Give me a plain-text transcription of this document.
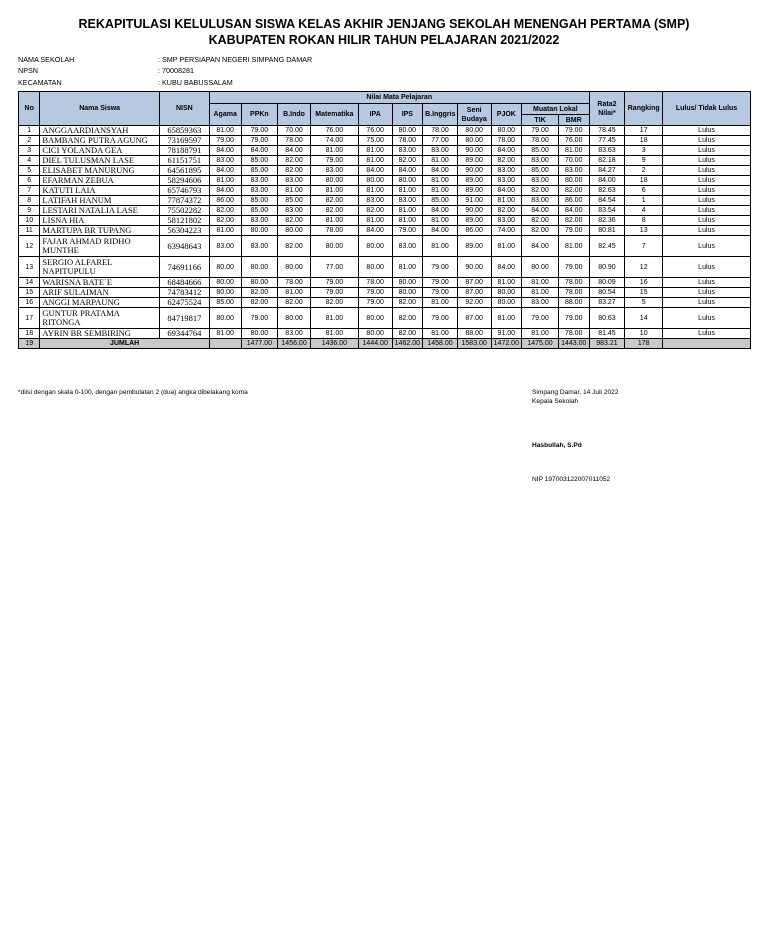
REKAPITULASI KELULUSAN SISWA KELAS AKHIR JENJANG SEKOLAH MENENGAH PERTAMA (SMP)
KABUPATEN ROKAN HILIR TAHUN PELAJARAN 2021/2022
NAMA SEKOLAH	: SMP PERSIAPAN NEGERI SIMPANG DAMAR
NPSN	: 70008281
KECAMATAN	: KUBU BABUSSALAM
No	Nama Siswa	NISN	Nilai Mata Pelajaran											Rata2 Nilai*	Rangking	Lulus/ Tidak Lulus
			Agama	PPKn	B.Indo	Matematika	IPA	IPS	B.Inggris	Seni Budaya	PJOK	Muatan Lokal				
												TIK	BMR			
1	ANGGAARDIANSYAH	65859363	81.00	79.00	70.00	76.00	76.00	80.00	78.00	80.00	80.00	79.00	79.00	78.45	17	Lulus
2	BAMBANG PUTRA AGUNG	73169597	79.00	79.00	78.00	74.00	75.00	78.00	77.00	80.00	78.00	78.00	76.00	77.45	18	Lulus
3	CICI YOLANDA GEA	78188791	84.00	84.00	84.00	81.00	81.00	83.00	83.00	90.00	84.00	85.00	81.00	83.63	3	Lulus
4	DIEL TULUSMAN LASE	61151751	83.00	85.00	82.00	79.00	81.00	82.00	81.00	89.00	82.00	83.00	70.00	82.18	9	Lulus
5	ELISABET MANURUNG	64561895	84.00	85.00	82.00	83.00	84.00	84.00	84.00	90.00	83.00	85.00	83.00	84.27	2	Lulus
6	EFARMAN ZEBUA	58294606	81.00	83.00	83.00	80.00	80.00	80.00	81.00	89.00	83.00	83.00	80.00	84.00	18	Lulus
7	KATUTI LAIA	65746793	84.00	83.00	81.00	81.00	81.00	81.00	81.00	89.00	84.00	82.00	82.00	82.63	6	Lulus
8	LATIFAH HANUM	77874372	86.00	85.00	85.00	82.00	83.00	83.00	85.00	91.00	81.00	83.00	86.00	84.54	1	Lulus
9	LESTARI NATALIA LASE	75502282	82.00	85.00	83.00	82.00	82.00	81.00	84.00	90.00	82.00	84.00	84.00	83.54	4	Lulus
10	LISNA HIA	58121802	82.00	83.00	82.00	81.00	81.00	81.00	81.00	89.00	83.00	82.00	82.00	82.36	8	Lulus
11	MARTUPA BR TUPANG	56304223	81.00	80.00	80.00	78.00	84.00	79.00	84.00	86.00	74.00	82.00	79.00	80.81	13	Lulus
12	FAJAR AHMAD RIDHO MUNTHE	63948643	83.00	83.00	82.00	80.00	80.00	83.00	81.00	89.00	81.00	84.00	81.00	82.45	7	Lulus
13	SERGIO ALFAREL NAPITUPULU	74691166	80.00	80.00	80.00	77.00	80.00	81.00	79.00	90.00	84.00	80.00	79.00	80.90	12	Lulus
14	WARISNA BATE`E	68484666	80.00	80.00	78.00	79.00	78.00	80.00	79.00	87.00	81.00	81.00	78.00	80.09	16	Lulus
15	ARIF SULAIMAN	74783412	80.00	82.00	81.00	79.00	79.00	80.00	79.00	87.00	80.00	81.00	78.00	80.54	15	Lulus
16	ANGGI MARPAUNG	62475524	85.00	82.00	82.00	82.00	79.00	82.00	81.00	92.00	80.00	83.00	88.00	83.27	5	Lulus
17	GUNTUR PRATAMA RITONGA	84719817	80.00	79.00	80.00	81.00	80.00	82.00	79.00	87.00	81.00	79.00	79.00	80.63	14	Lulus
18	AYRIN BR SEMBIRING	69344764	81.00	80.00	83.00	81.00	80.00	82.00	81.00	88.00	91.00	81.00	78.00	81.45	10	Lulus
19	JUMLAH			1477.00	1456.00	1436.00	1444.00	1462.00	1458.00	1583.00	1472.00	1475.00	1443.00	983.21	178	
*diisi dengan skala 0-100, dengan pembulatan 2 (dua) angka dibelakang koma	Simpang Damar, 14 Juli 2022
Kepala Sekolah
Hasbullah, S.Pd
NIP 197003122007011052
